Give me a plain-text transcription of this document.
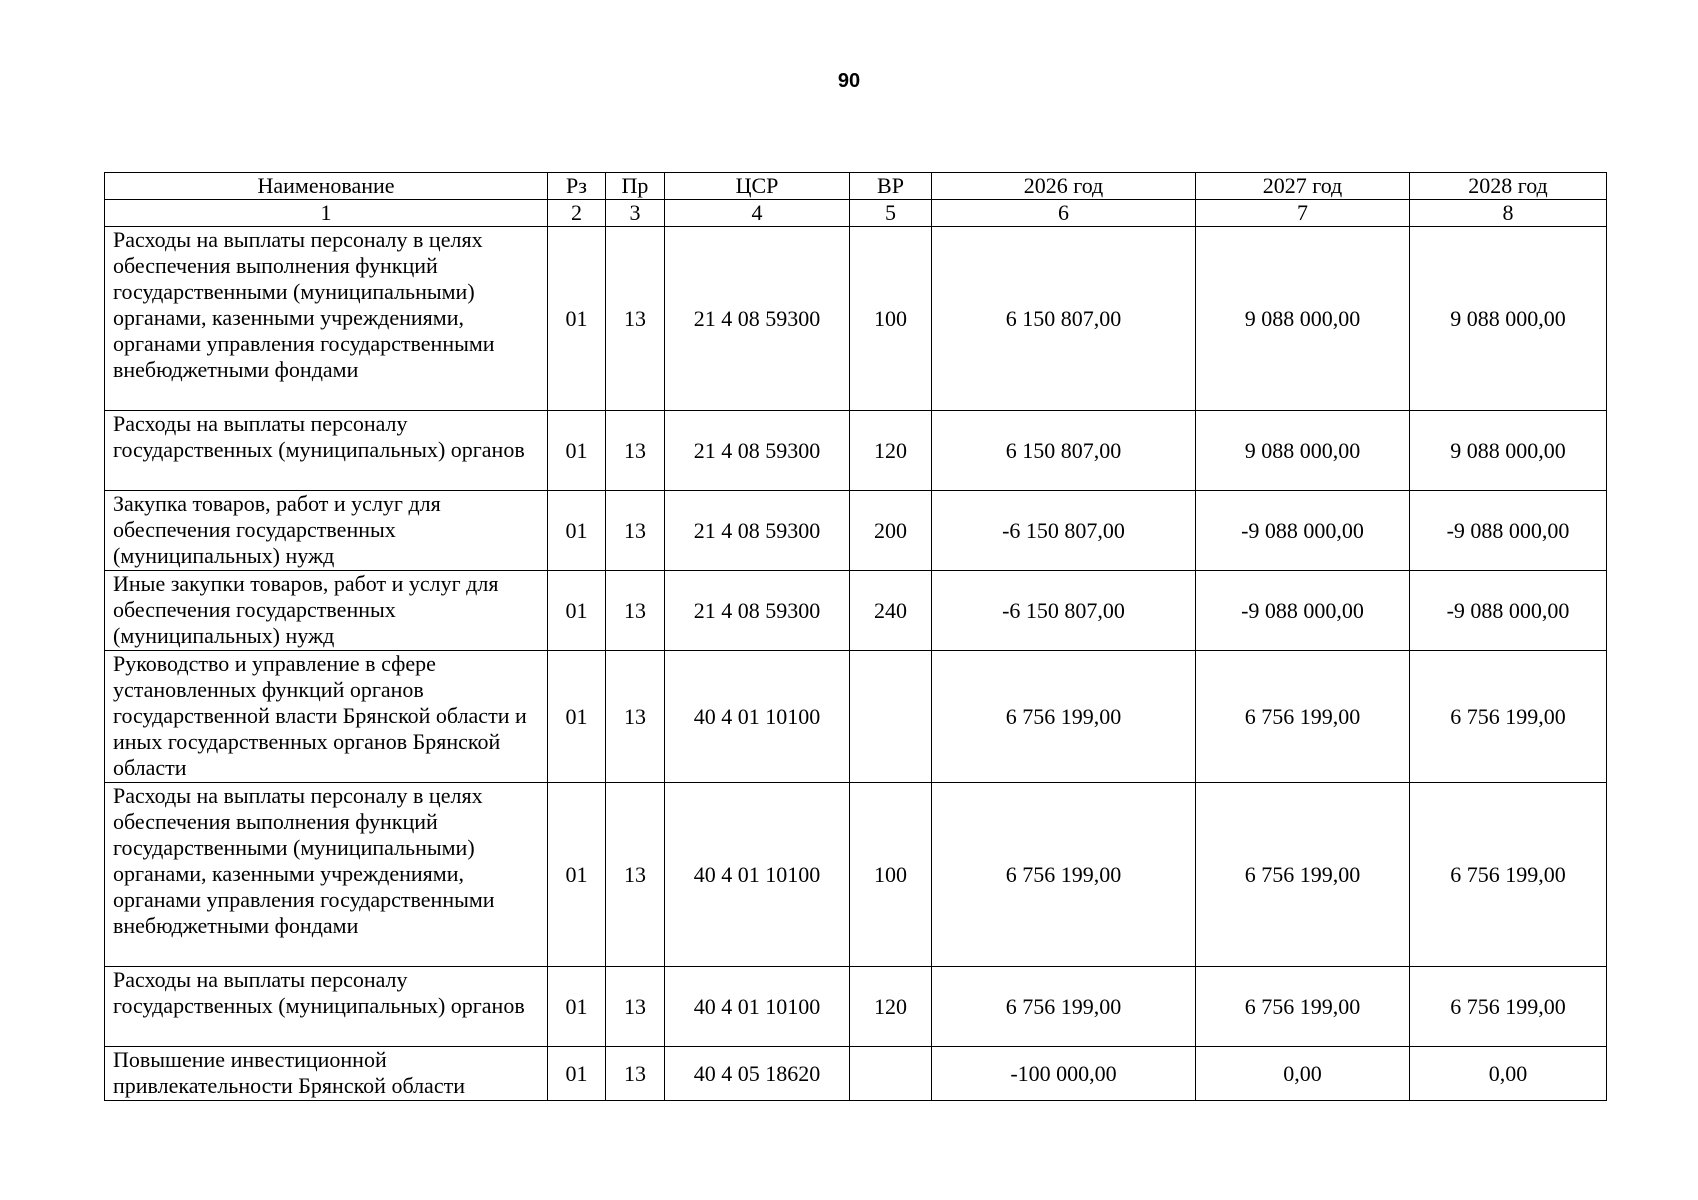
90
Наименование	Рз	Пр	ЦСР	ВР	2026 год	2027 год	2028 год
1	2	3	4	5	6	7	8
Расходы на выплаты персоналу в целях обеспечения выполнения функций государственными (муниципальными) органами, казенными учреждениями, органами управления государственными внебюджетными фондами	01	13	21 4 08 59300	100	6 150 807,00	9 088 000,00	9 088 000,00
Расходы на выплаты персоналу государственных (муниципальных) органов	01	13	21 4 08 59300	120	6 150 807,00	9 088 000,00	9 088 000,00
Закупка товаров, работ и услуг для обеспечения государственных (муниципальных) нужд	01	13	21 4 08 59300	200	-6 150 807,00	-9 088 000,00	-9 088 000,00
Иные закупки товаров, работ и услуг для обеспечения государственных (муниципальных) нужд	01	13	21 4 08 59300	240	-6 150 807,00	-9 088 000,00	-9 088 000,00
Руководство и управление в сфере установленных функций органов государственной власти Брянской области и иных государственных органов Брянской области	01	13	40 4 01 10100		6 756 199,00	6 756 199,00	6 756 199,00
Расходы на выплаты персоналу в целях обеспечения выполнения функций государственными (муниципальными) органами, казенными учреждениями, органами управления государственными внебюджетными фондами	01	13	40 4 01 10100	100	6 756 199,00	6 756 199,00	6 756 199,00
Расходы на выплаты персоналу государственных (муниципальных) органов	01	13	40 4 01 10100	120	6 756 199,00	6 756 199,00	6 756 199,00
Повышение инвестиционной привлекательности Брянской области	01	13	40 4 05 18620		-100 000,00	0,00	0,00
